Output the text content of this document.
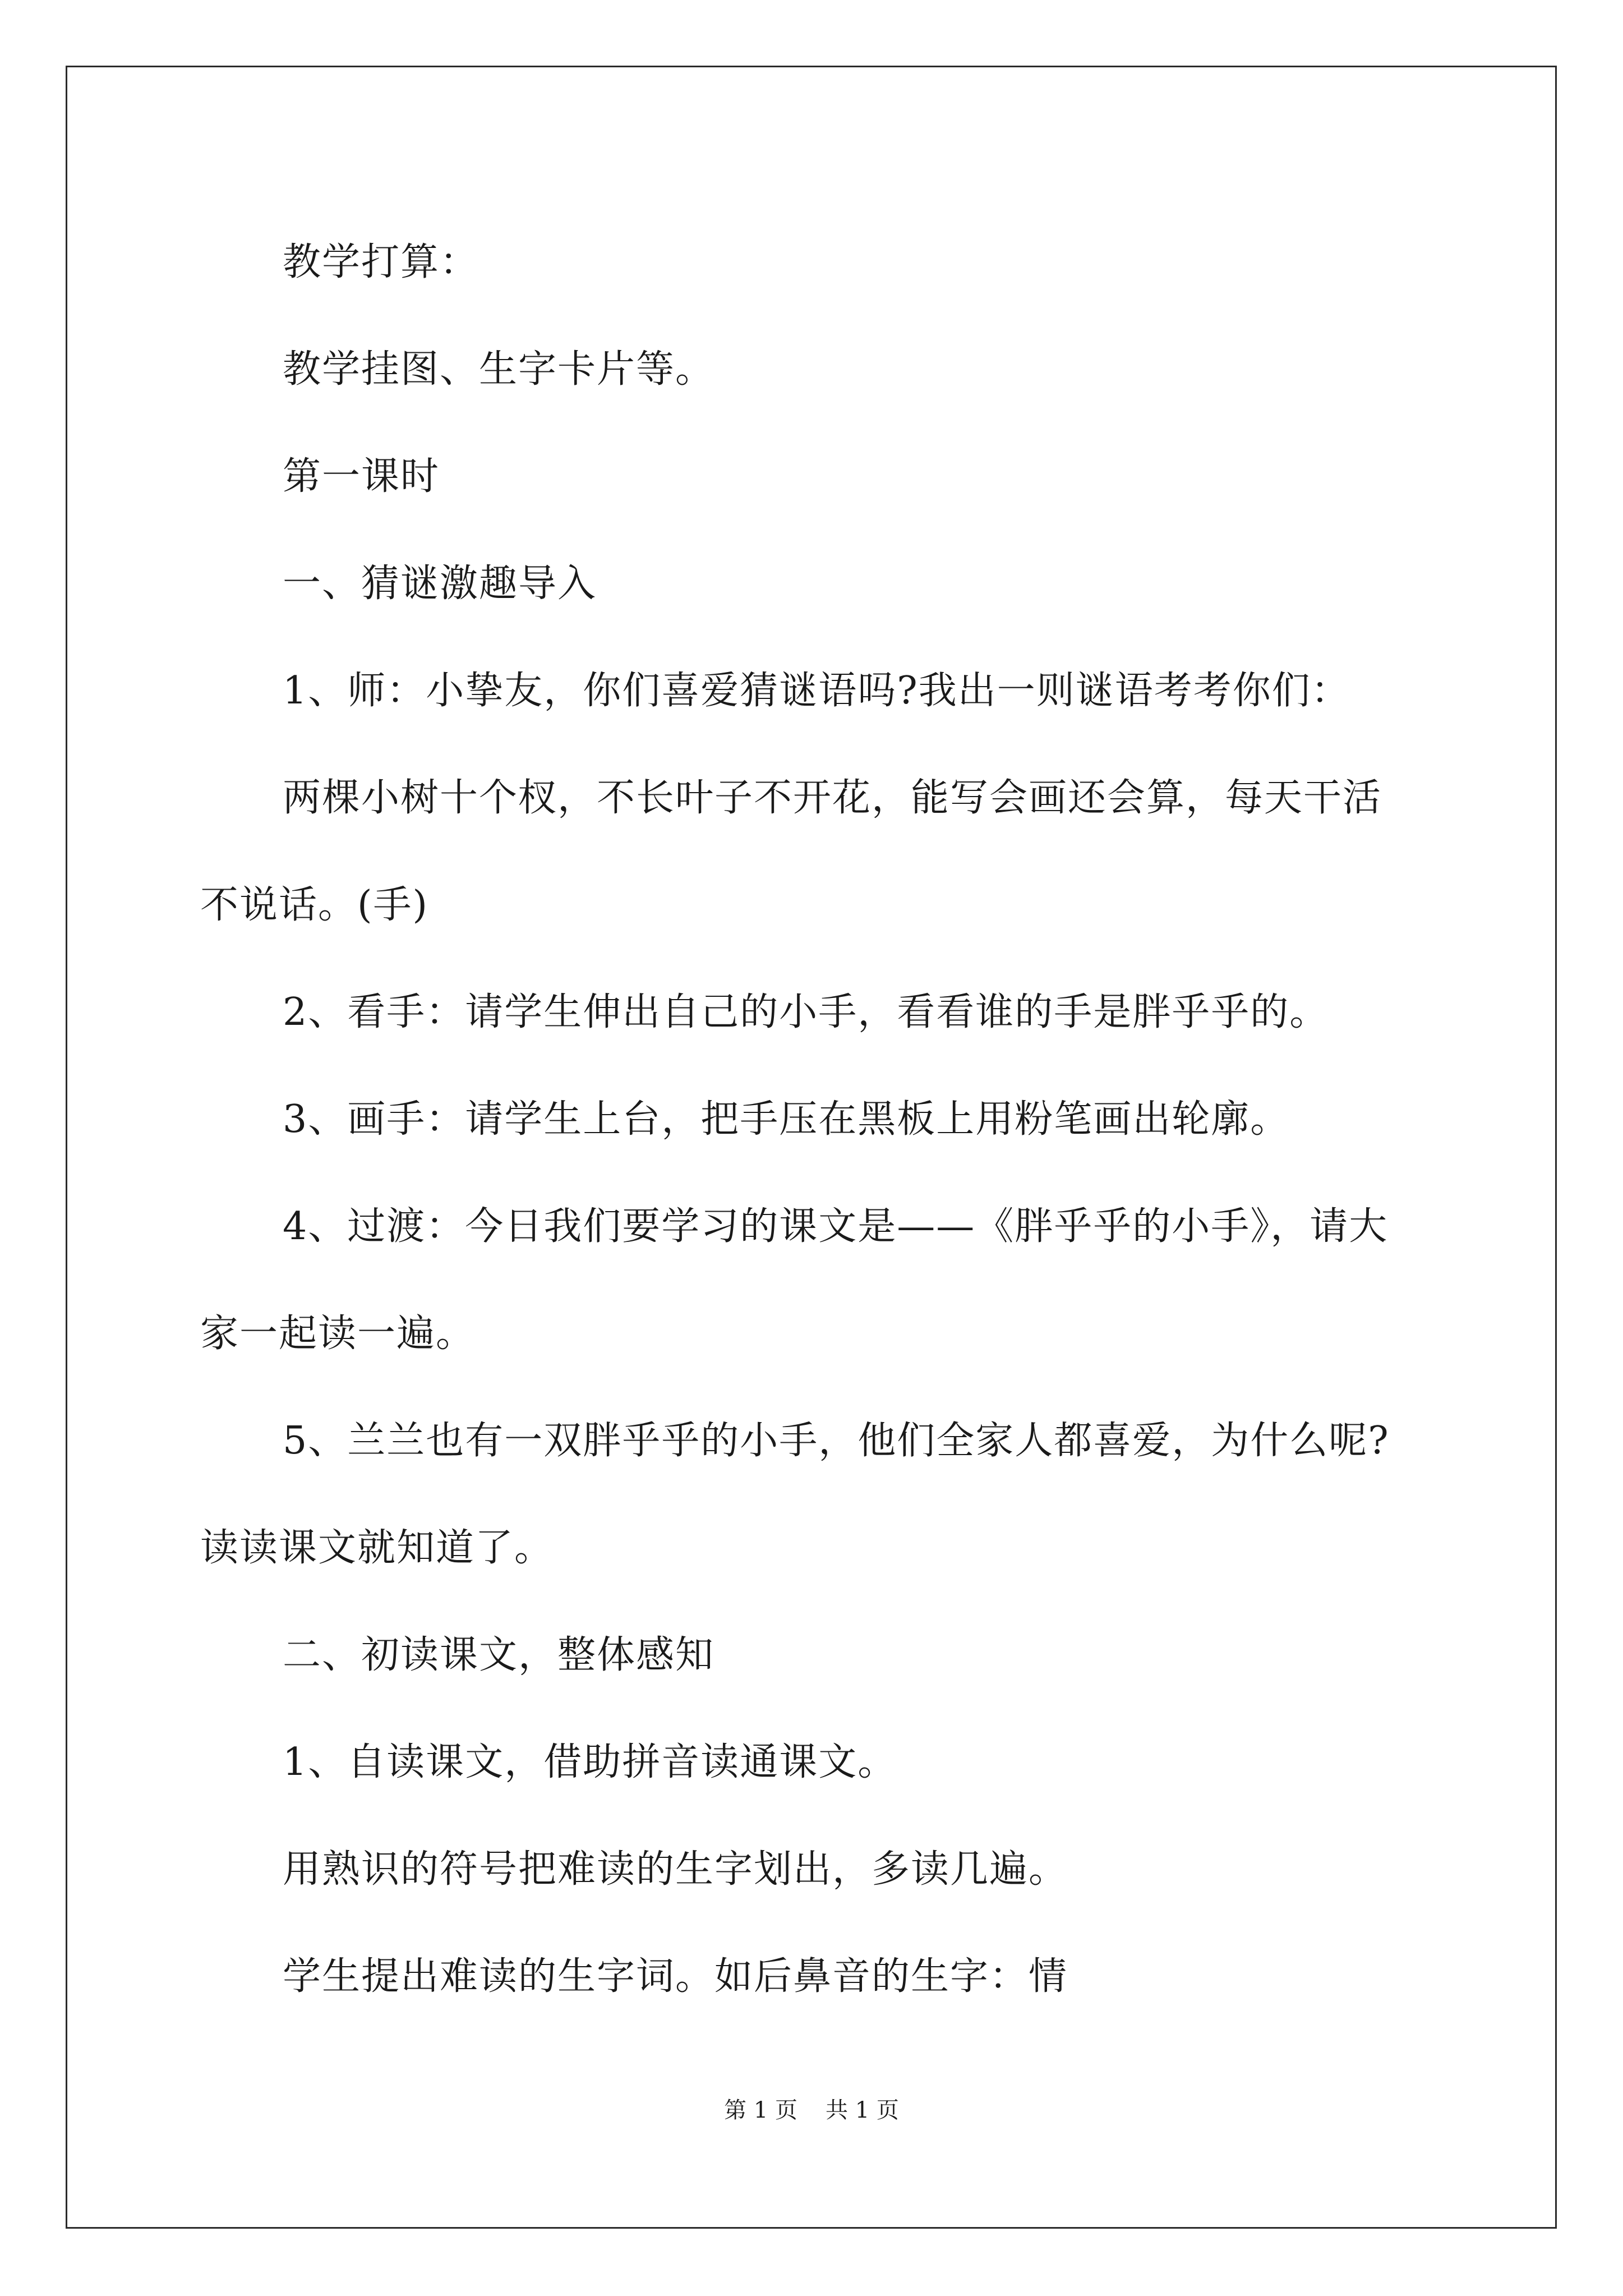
教学打算：

教学挂图、生字卡片等。

第一课时

一、猜谜激趣导入

1、师：小挚友，你们喜爱猜谜语吗?我出一则谜语考考你们：

两棵小树十个杈，不长叶子不开花，能写会画还会算，每天干活

不说话。(手)

2、看手：请学生伸出自己的小手，看看谁的手是胖乎乎的。

3、画手：请学生上台，把手压在黑板上用粉笔画出轮廓。

4、过渡：今日我们要学习的课文是——《胖乎乎的小手》，请大

家一起读一遍。

5、兰兰也有一双胖乎乎的小手，他们全家人都喜爱，为什么呢?

读读课文就知道了。

二、初读课文，整体感知

1、自读课文，借助拼音读通课文。

用熟识的符号把难读的生字划出，多读几遍。

学生提出难读的生字词。如后鼻音的生字：情

第 1 页 共 1 页
